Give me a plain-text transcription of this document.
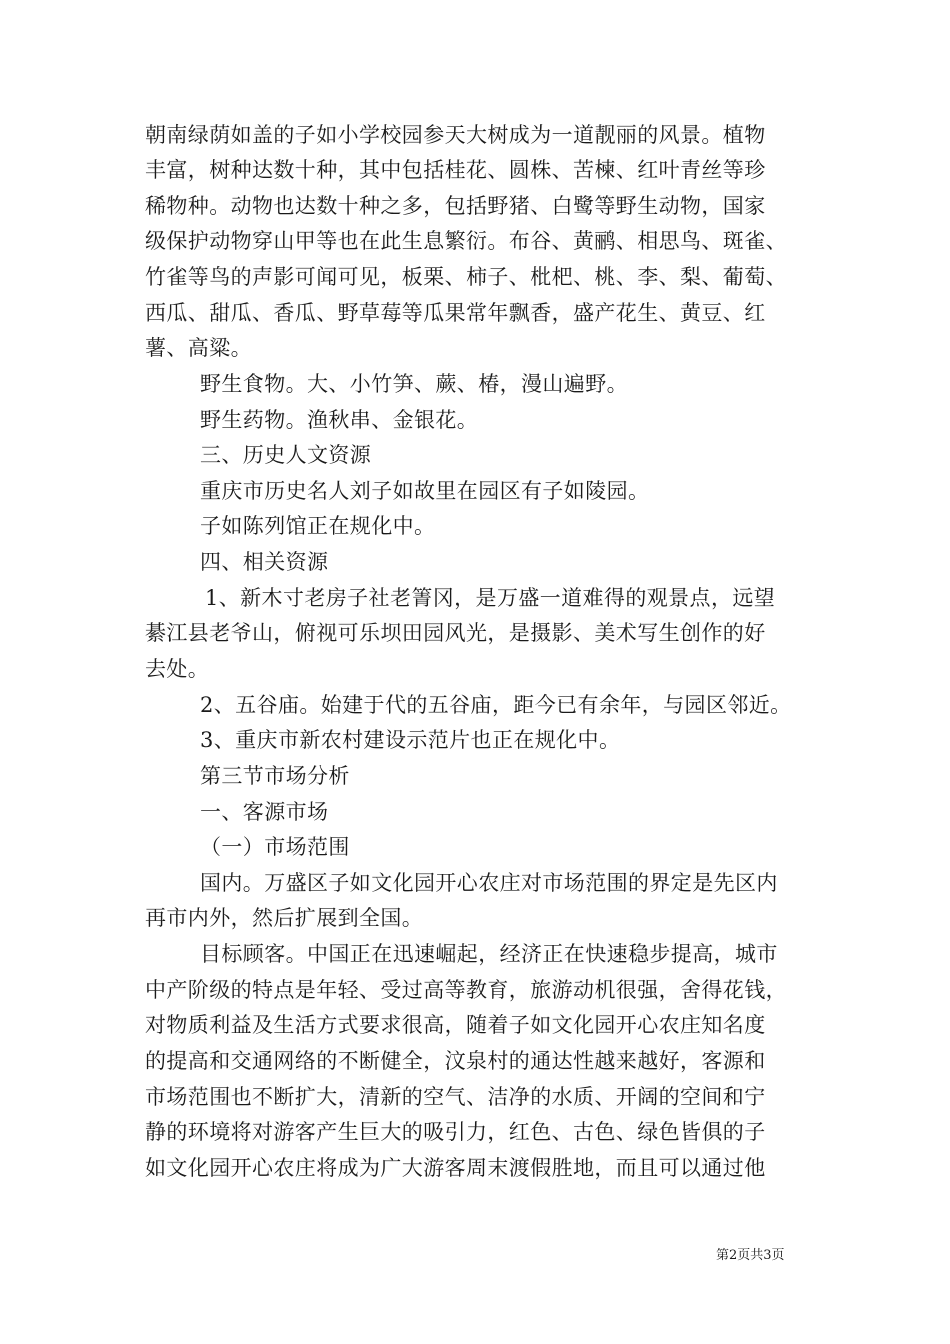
朝南绿荫如盖的子如小学校园参天大树成为一道靓丽的风景。植物

丰富，树种达数十种，其中包括桂花、圆株、苦楝、红叶青丝等珍

稀物种。动物也达数十种之多，包括野猪、白鹭等野生动物，国家

级保护动物穿山甲等也在此生息繁衍。布谷、黄鹂、相思鸟、斑雀、

竹雀等鸟的声影可闻可见，板栗、柿子、枇杷、桃、李、梨、葡萄、

西瓜、甜瓜、香瓜、野草莓等瓜果常年飘香，盛产花生、黄豆、红

薯、高粱。

野生食物。大、小竹笋、蕨、椿，漫山遍野。

野生药物。渔秋串、金银花。

三、历史人文资源

重庆市历史名人刘子如故里在园区有子如陵园。

子如陈列馆正在规化中。

四、相关资源

1、新木寸老房子社老箐冈，是万盛一道难得的观景点，远望

綦江县老爷山，俯视可乐坝田园风光，是摄影、美术写生创作的好

去处。

2、五谷庙。始建于代的五谷庙，距今已有余年，与园区邻近。

3、重庆市新农村建设示范片也正在规化中。

第三节市场分析

一、客源市场

（一）市场范围

国内。万盛区子如文化园开心农庄对市场范围的界定是先区内

再市内外，然后扩展到全国。

目标顾客。中国正在迅速崛起，经济正在快速稳步提高，城市

中产阶级的特点是年轻、受过高等教育，旅游动机很强，舍得花钱，

对物质利益及生活方式要求很高，随着子如文化园开心农庄知名度

的提高和交通网络的不断健全，汶泉村的通达性越来越好，客源和

市场范围也不断扩大，清新的空气、洁净的水质、开阔的空间和宁

静的环境将对游客产生巨大的吸引力，红色、古色、绿色皆俱的子

如文化园开心农庄将成为广大游客周末渡假胜地，而且可以通过他

第2页共3页
